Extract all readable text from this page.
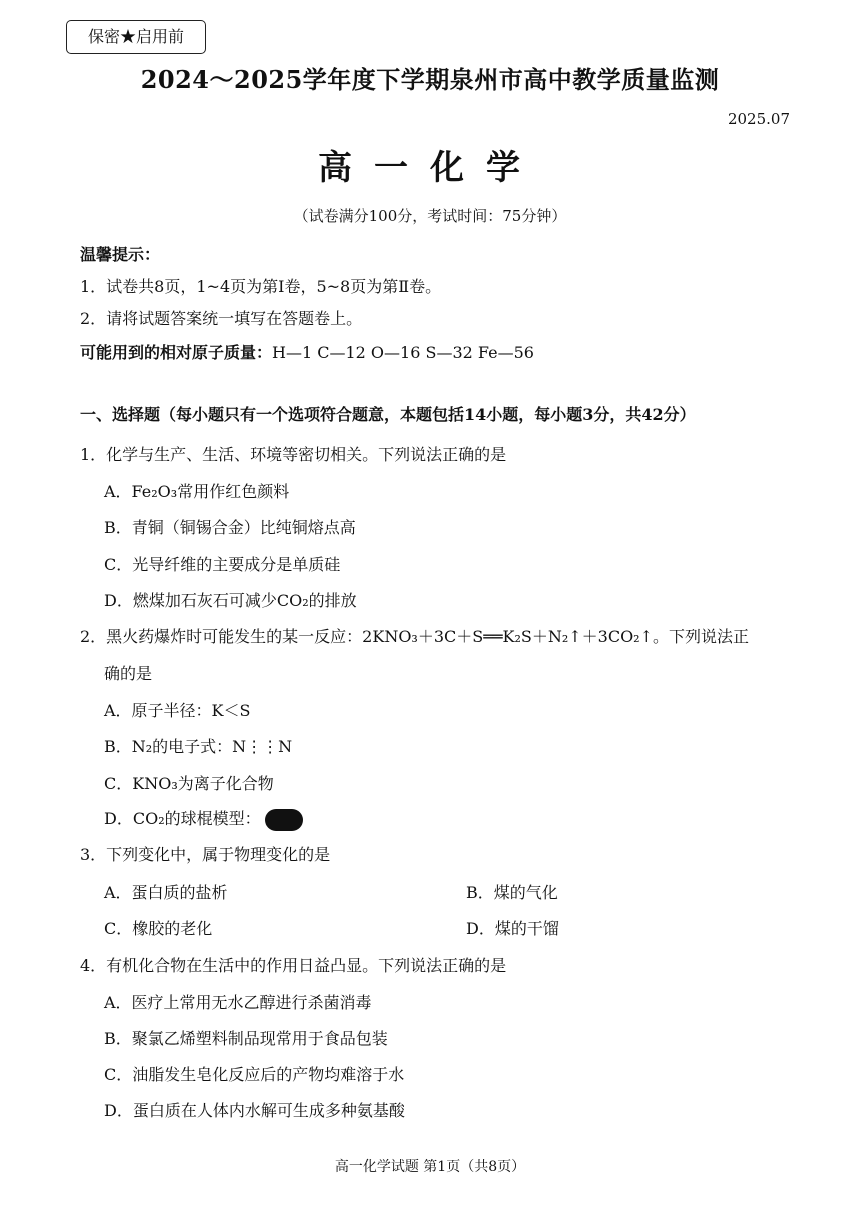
保密★启用前
2024～2025学年度下学期泉州市高中教学质量监测
2025.07
高一化学
（试卷满分100分，考试时间：75分钟）
温馨提示：
1．试卷共8页，1~4页为第Ⅰ卷，5~8页为第Ⅱ卷。
2．请将试题答案统一填写在答题卷上。
可能用到的相对原子质量：H—1 C—12 O—16 S—32 Fe—56
一、选择题（每小题只有一个选项符合题意，本题包括14小题，每小题3分，共42分）
1．化学与生产、生活、环境等密切相关。下列说法正确的是
A．Fe₂O₃常用作红色颜料
B．青铜（铜锡合金）比纯铜熔点高
C．光导纤维的主要成分是单质硅
D．燃煤加石灰石可减少CO₂的排放
2．黑火药爆炸时可能发生的某一反应：2KNO₃＋3C＋S══K₂S＋N₂↑＋3CO₂↑。下列说法正
确的是
A．原子半径：K＜S
B．N₂的电子式：N⋮⋮N
C．KNO₃为离子化合物
D．CO₂的球棍模型：
3．下列变化中，属于物理变化的是
A．蛋白质的盐析	B．煤的气化
C．橡胶的老化	D．煤的干馏
4．有机化合物在生活中的作用日益凸显。下列说法正确的是
A．医疗上常用无水乙醇进行杀菌消毒
B．聚氯乙烯塑料制品现常用于食品包装
C．油脂发生皂化反应后的产物均难溶于水
D．蛋白质在人体内水解可生成多种氨基酸
高一化学试题 第1页（共8页）
